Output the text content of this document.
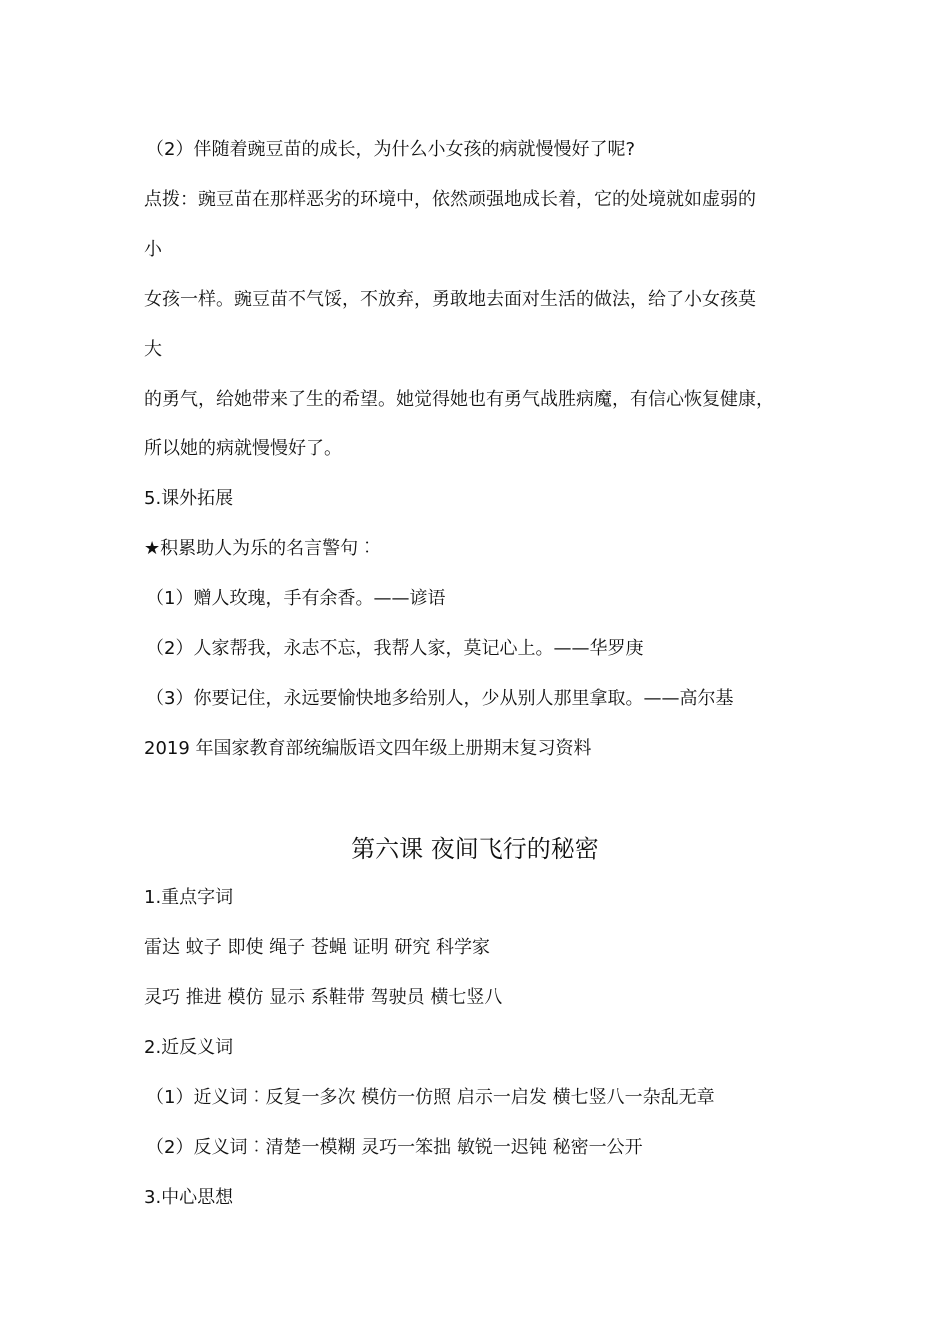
（2）伴随着豌豆苗的成长，为什么小女孩的病就慢慢好了呢?
点拨：豌豆苗在那样恶劣的环境中，依然顽强地成长着，它的处境就如虚弱的
小
女孩一样。豌豆苗不气馁，不放弃，勇敢地去面对生活的做法，给了小女孩莫
大
的勇气，给她带来了生的希望。她觉得她也有勇气战胜病魔，有信心恢复健康，
所以她的病就慢慢好了。
5.课外拓展
★积累助人为乐的名言警句︰
（1）赠人玫瑰，手有余香。——谚语
（2）人家帮我，永志不忘，我帮人家，莫记心上。——华罗庚
（3）你要记住，永远要愉快地多给别人，少从别人那里拿取。——高尔基
2019 年国家教育部统编版语文四年级上册期末复习资料
第六课 夜间飞行的秘密
1.重点字词
雷达 蚊子 即使 绳子 苍蝇 证明 研究 科学家
灵巧 推进 模仿 显示 系鞋带 驾驶员 横七竖八
2.近反义词
（1）近义词︰反复一多次 模仿一仿照 启示一启发 横七竖八一杂乱无章
（2）反义词︰清楚一模糊 灵巧一笨拙 敏锐一迟钝 秘密一公开
3.中心思想
